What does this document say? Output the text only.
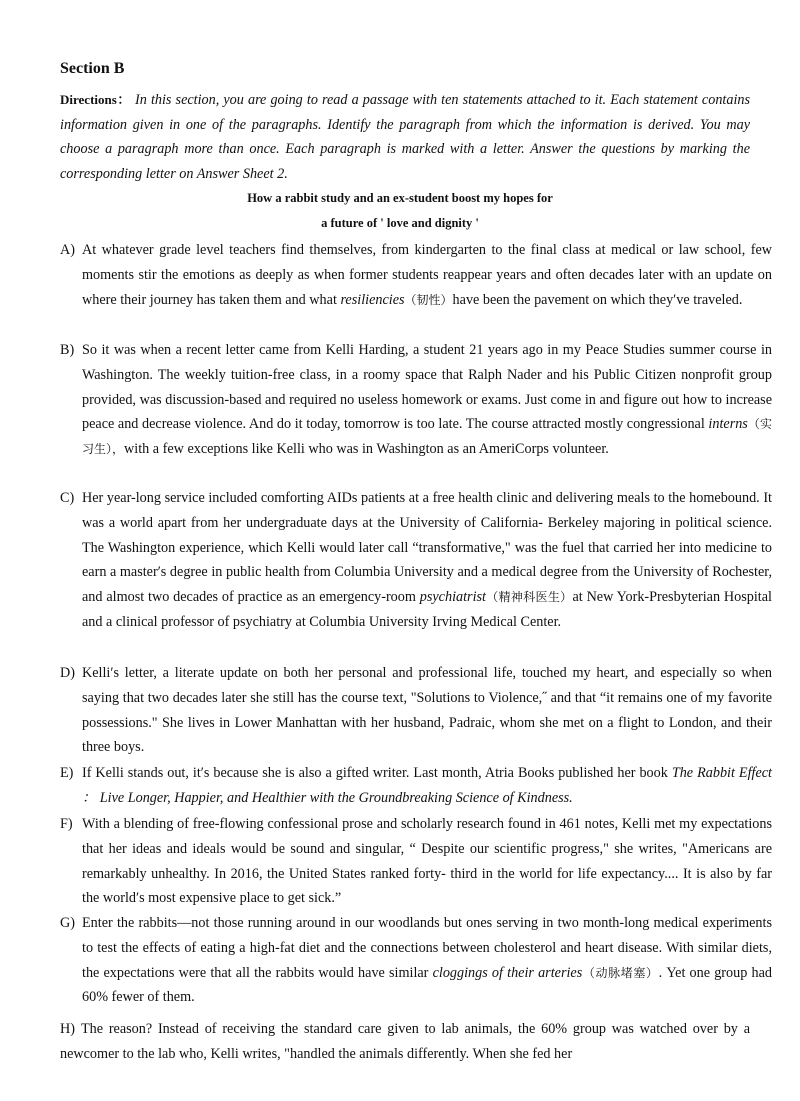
Section B
Directions： In this section, you are going to read a passage with ten statements attached to it. Each statement contains information given in one of the paragraphs. Identify the paragraph from which the information is derived. You may choose a paragraph more than once. Each paragraph is marked with a letter. Answer the questions by marking the corresponding letter on Answer Sheet 2.
How a rabbit study and an ex-student boost my hopes for
a future of ' love and dignity '
A) At whatever grade level teachers find themselves, from kindergarten to the final class at medical or law school, few moments stir the emotions as deeply as when former students reappear years and often decades later with an update on where their journey has taken them and what resiliencies（韧性）have been the pavement on which theyʹve traveled.
B) So it was when a recent letter came from Kelli Harding, a student 21 years ago in my Peace Studies summer course in Washington. The weekly tuition-free class, in a roomy space that Ralph Nader and his Public Citizen nonprofit group provided, was discussion-based and required no useless homework or exams. Just come in and figure out how to increase peace and decrease violence. And do it today, tomorrow is too late. The course attracted mostly congressional interns（实习生），with a few exceptions like Kelli who was in Washington as an AmeriCorps volunteer.
C) Her year-long service included comforting AIDs patients at a free health clinic and delivering meals to the homebound. It was a world apart from her undergraduate days at the University of California- Berkeley majoring in political science. The Washington experience, which Kelli would later call “transformative," was the fuel that carried her into medicine to earn a masterʹs degree in public health from Columbia University and a medical degree from the University of Rochester, and almost two decades of practice as an emergency-room psychiatrist（精神科医生）at New York-Presbyterian Hospital and a clinical professor of psychiatry at Columbia University Irving Medical Center.
D) Kelliʹs letter, a literate update on both her personal and professional life, touched my heart, and especially so when saying that two decades later she still has the course text, "Solutions to Violence,˝ and that “it remains one of my favorite possessions." She lives in Lower Manhattan with her husband, Padraic, whom she met on a flight to London, and their three boys.
E) If Kelli stands out, itʹs because she is also a gifted writer. Last month, Atria Books published her book The Rabbit Effect ： Live Longer, Happier, and Healthier with the Groundbreaking Science of Kindness.
F) With a blending of free-flowing confessional prose and scholarly research found in 461 notes, Kelli met my expectations that her ideas and ideals would be sound and singular, “ Despite our scientific progress," she writes, "Americans are remarkably unhealthy. In 2016, the United States ranked forty- third in the world for life expectancy.... It is also by far the worldʹs most expensive place to get sick.”
G) Enter the rabbits—not those running around in our woodlands but ones serving in two month-long medical experiments to test the effects of eating a high-fat diet and the connections between cholesterol and heart disease. With similar diets, the expectations were that all the rabbits would have similar cloggings of their arteries（动脉堵塞）. Yet one group had 60% fewer of them.
H) The reason? Instead of receiving the standard care given to lab animals, the 60% group was watched over by a newcomer to the lab who, Kelli writes, "handled the animals differently. When she fed her
